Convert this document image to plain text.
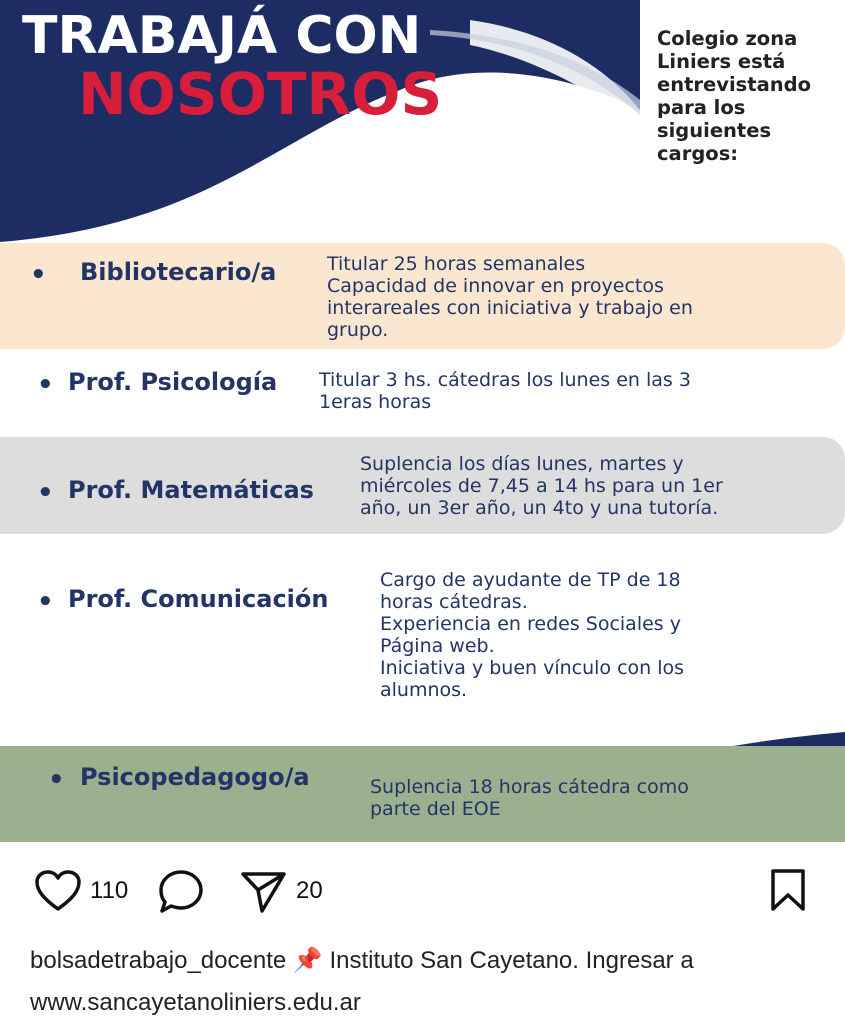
TRABAJÁ CON
NOSOTROS
Colegio zona
Liniers está
entrevistando
para los
siguientes
cargos:
• Bibliotecario/a	Titular 25 horas semanales
Capacidad de innovar en proyectos
interareales con iniciativa y trabajo en
grupo.
• Prof. Psicología Titular 3 hs. cátedras los lunes en las 3
1eras horas
• Prof. Matemáticas
Suplencia los días lunes, martes y
miércoles de 7,45 a 14 hs para un 1er
año, un 3er año, un 4to y una tutoría.
• Prof. Comunicación
Cargo de ayudante de TP de 18
horas cátedras.
Experiencia en redes Sociales y
Página web.
Iniciativa y buen vínculo con los
alumnos.
• Psicopedagogo/a	Suplencia 18 horas cátedra como
parte del EOE
110	20
bolsadetrabajo_docente 📌 Instituto San Cayetano. Ingresar a
www.sancayetanoliniers.edu.ar
